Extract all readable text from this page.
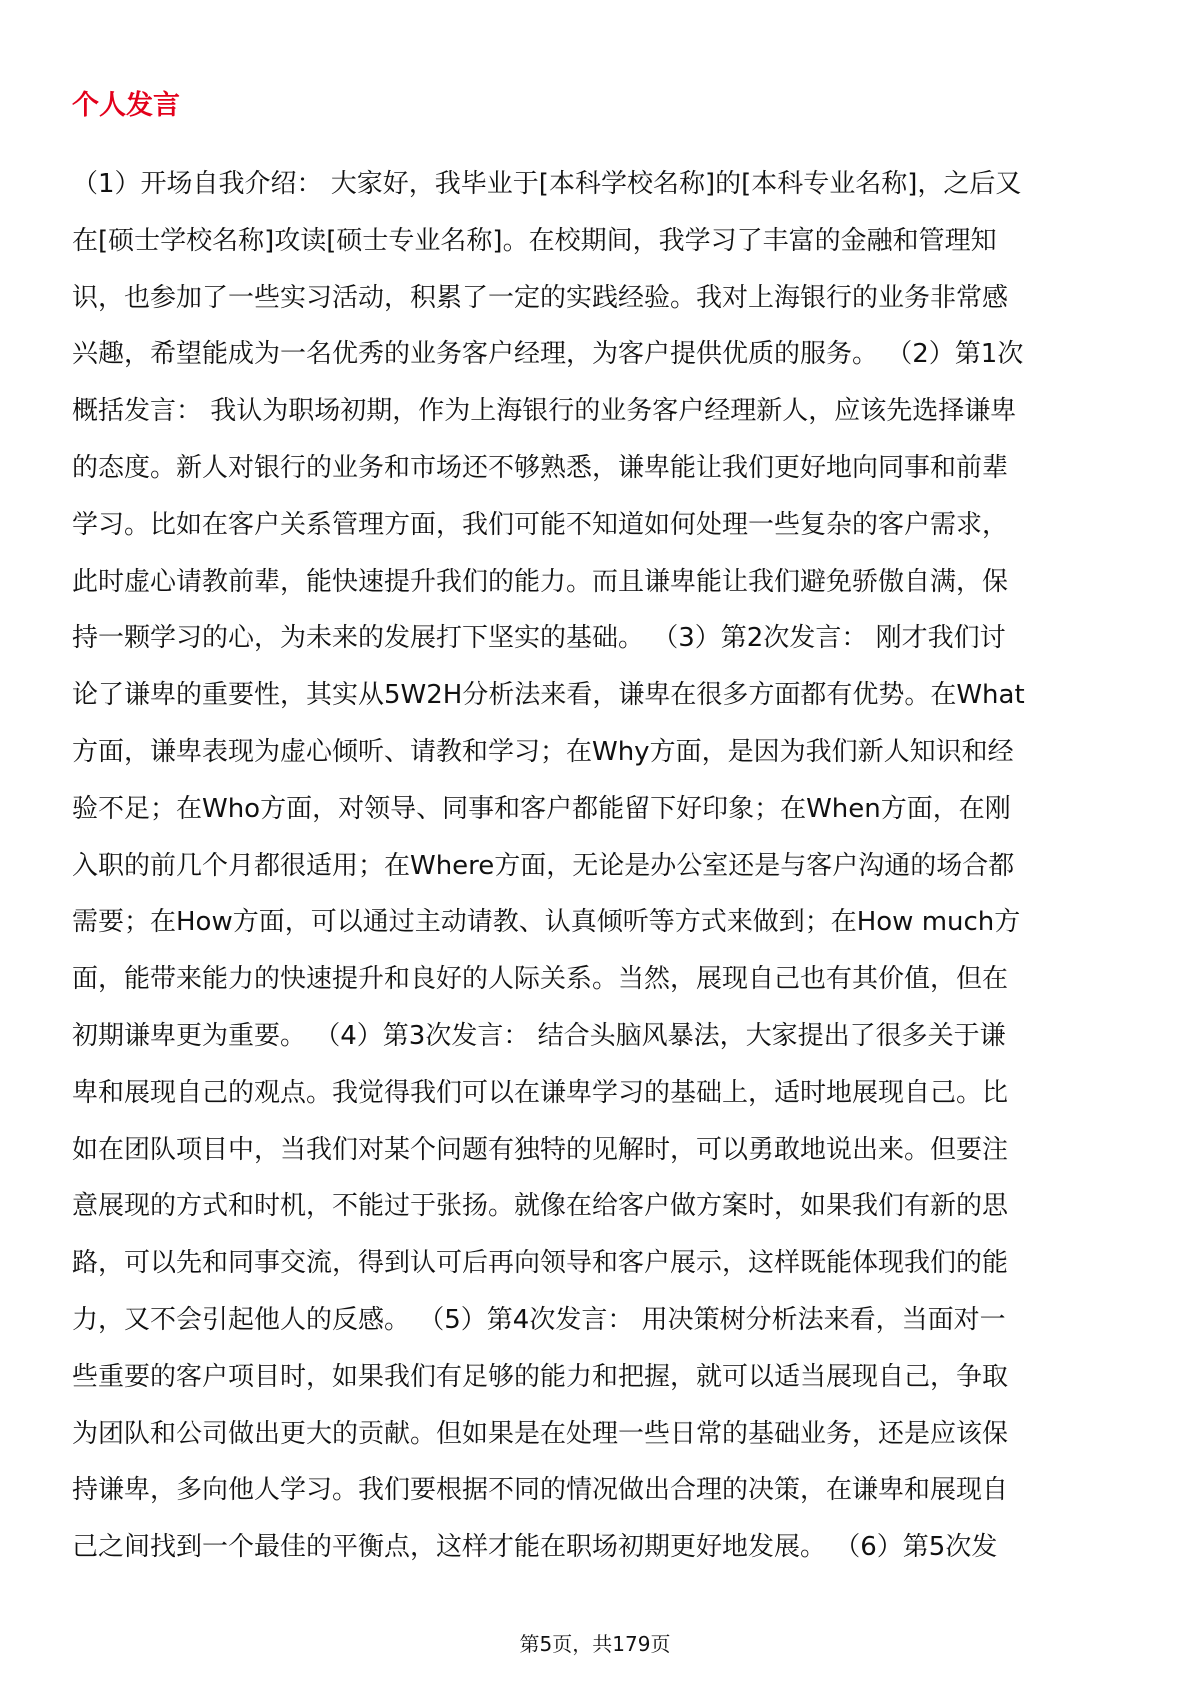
个人发言
（1）开场自我介绍： 大家好，我毕业于[本科学校名称]的[本科专业名称]，之后又
在[硕士学校名称]攻读[硕士专业名称]。在校期间，我学习了丰富的金融和管理知
识，也参加了一些实习活动，积累了一定的实践经验。我对上海银行的业务非常感
兴趣，希望能成为一名优秀的业务客户经理，为客户提供优质的服务。 （2）第1次
概括发言： 我认为职场初期，作为上海银行的业务客户经理新人，应该先选择谦卑
的态度。新人对银行的业务和市场还不够熟悉，谦卑能让我们更好地向同事和前辈
学习。比如在客户关系管理方面，我们可能不知道如何处理一些复杂的客户需求，
此时虚心请教前辈，能快速提升我们的能力。而且谦卑能让我们避免骄傲自满，保
持一颗学习的心，为未来的发展打下坚实的基础。 （3）第2次发言： 刚才我们讨
论了谦卑的重要性，其实从5W2H分析法来看，谦卑在很多方面都有优势。在What
方面，谦卑表现为虚心倾听、请教和学习；在Why方面，是因为我们新人知识和经
验不足；在Who方面，对领导、同事和客户都能留下好印象；在When方面，在刚
入职的前几个月都很适用；在Where方面，无论是办公室还是与客户沟通的场合都
需要；在How方面，可以通过主动请教、认真倾听等方式来做到；在How much方
面，能带来能力的快速提升和良好的人际关系。当然，展现自己也有其价值，但在
初期谦卑更为重要。 （4）第3次发言： 结合头脑风暴法，大家提出了很多关于谦
卑和展现自己的观点。我觉得我们可以在谦卑学习的基础上，适时地展现自己。比
如在团队项目中，当我们对某个问题有独特的见解时，可以勇敢地说出来。但要注
意展现的方式和时机，不能过于张扬。就像在给客户做方案时，如果我们有新的思
路，可以先和同事交流，得到认可后再向领导和客户展示，这样既能体现我们的能
力，又不会引起他人的反感。 （5）第4次发言： 用决策树分析法来看，当面对一
些重要的客户项目时，如果我们有足够的能力和把握，就可以适当展现自己，争取
为团队和公司做出更大的贡献。但如果是在处理一些日常的基础业务，还是应该保
持谦卑，多向他人学习。我们要根据不同的情况做出合理的决策，在谦卑和展现自
己之间找到一个最佳的平衡点，这样才能在职场初期更好地发展。 （6）第5次发
第5页，共179页
